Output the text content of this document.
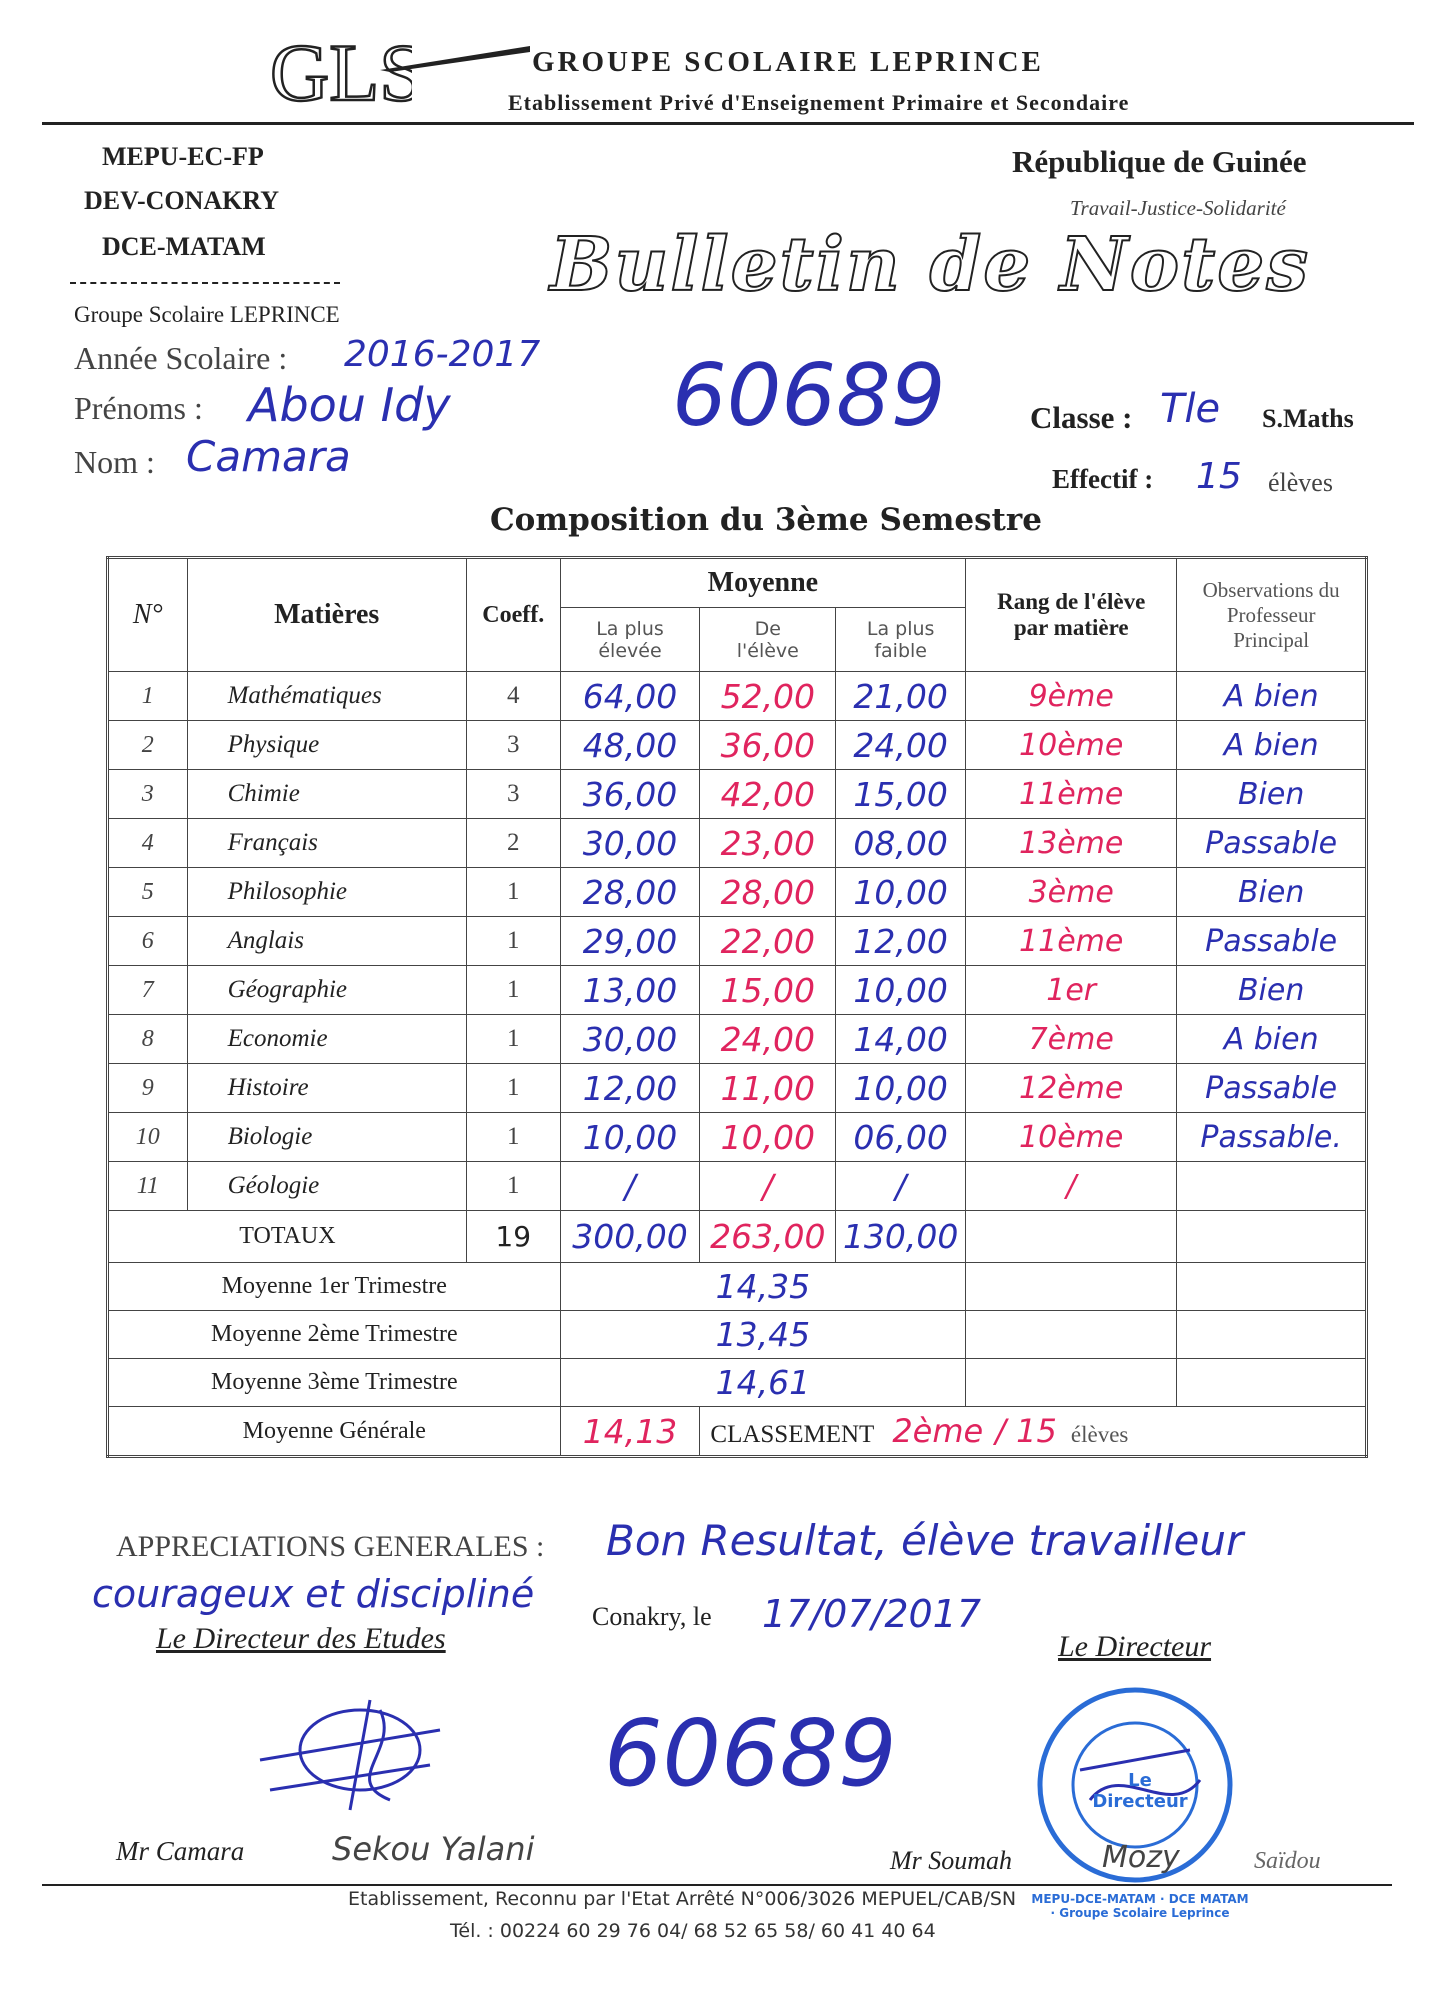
GLS	GROUPE SCOLAIRE LEPRINCE
Etablissement Privé d'Enseignement Primaire et Secondaire
MEPU-EC-FP
DEV-CONAKRY
DCE-MATAM
Groupe Scolaire LEPRINCE
République de Guinée
Travail-Justice-Solidarité
Bulletin de Notes
Année Scolaire : 2016-2017
Prénoms : Abou Idy
Nom : Camara
60689	Classe : Tle S.Maths
Effectif : 15 élèves
Composition du 3ème Semestre
N°	Matières	Coeff.	Moyenne			Rang de l'élève par matière	Observations du Professeur Principal
			La plus élevée	De l'élève	La plus faible		
1	Mathématiques	4	64,00	52,00	21,00	9ème	A bien
2	Physique	3	48,00	36,00	24,00	10ème	A bien
3	Chimie	3	36,00	42,00	15,00	11ème	Bien
4	Français	2	30,00	23,00	08,00	13ème	Passable
5	Philosophie	1	28,00	28,00	10,00	3ème	Bien
6	Anglais	1	29,00	22,00	12,00	11ème	Passable
7	Géographie	1	13,00	15,00	10,00	1er	Bien
8	Economie	1	30,00	24,00	14,00	7ème	A bien
9	Histoire	1	12,00	11,00	10,00	12ème	Passable
10	Biologie	1	10,00	10,00	06,00	10ème	Passable.
11	Géologie	1	/	/	/	/	
TOTAUX		19	300,00	263,00	130,00		
Moyenne 1er Trimestre			14,35				
Moyenne 2ème Trimestre			13,45				
Moyenne 3ème Trimestre			14,61				
Moyenne Générale			14,13	CLASSEMENT 2ème / 15 élèves			
APPRECIATIONS GENERALES : Bon Resultat, élève travailleur
courageux et discipliné
Le Directeur des Etudes
Conakry, le 17/07/2017
Le Directeur
60689	Le Directeur
MEPU-DCE-MATAM · DCE MATAM · Groupe Scolaire Leprince
Mr Camara	Sekou Yalani	Mr Soumah	Mozy	Saïdou
Etablissement, Reconnu par l'Etat Arrêté N°006/3026 MEPUEL/CAB/SN
Tél. : 00224 60 29 76 04/ 68 52 65 58/ 60 41 40 64
